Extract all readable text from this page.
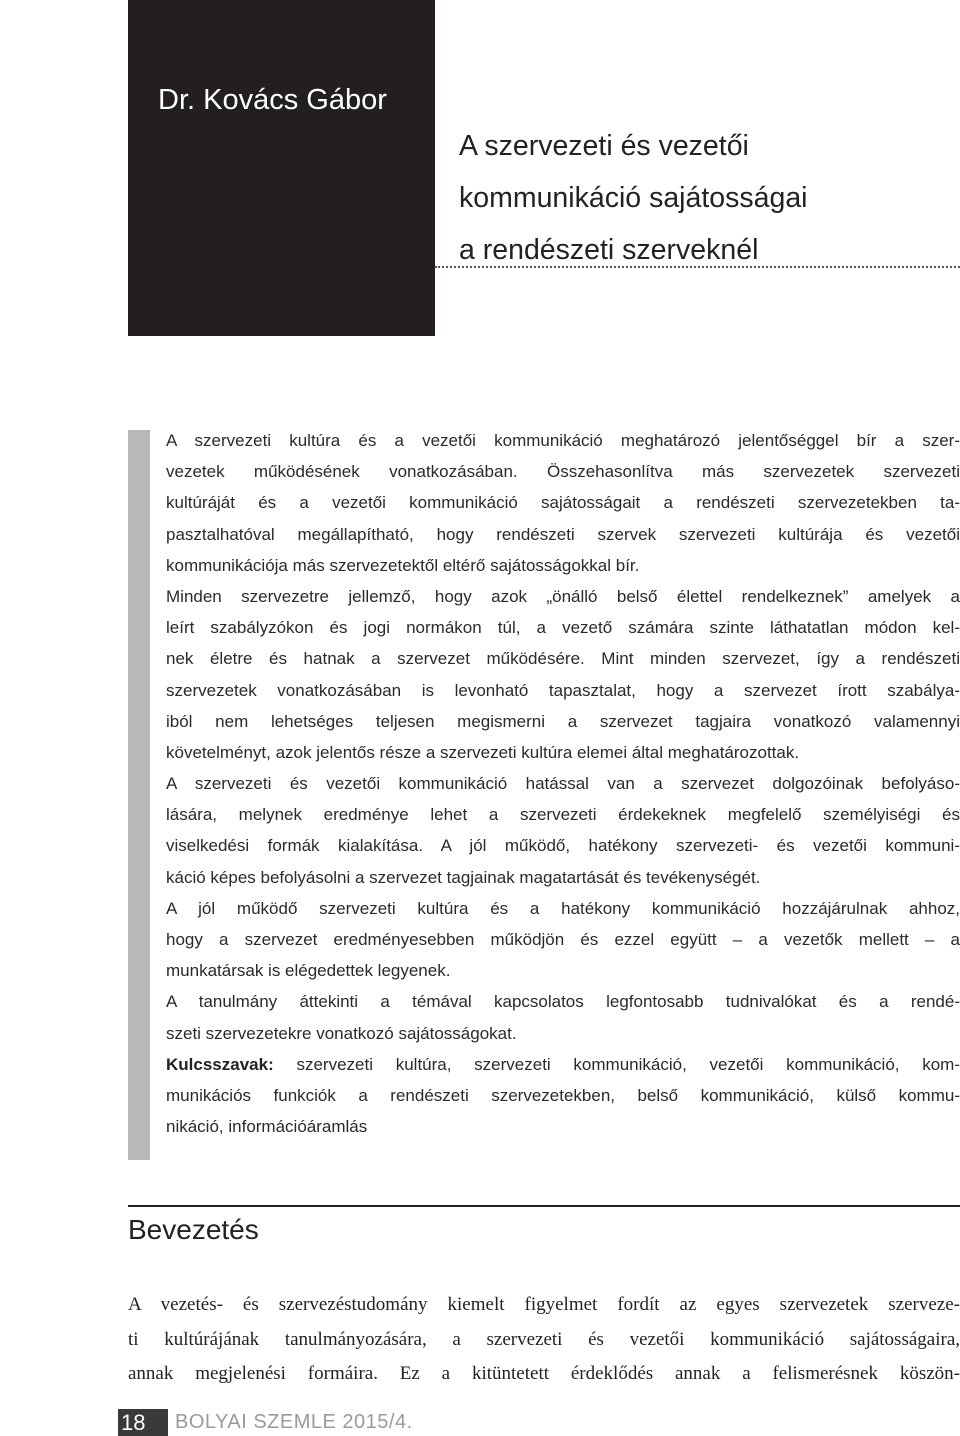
Dr. Kovács Gábor
A szervezeti és vezetői
kommunikáció sajátosságai
a rendészeti szerveknél
A szervezeti kultúra és a vezetői kommunikáció meghatározó jelentőséggel bír a szer-
vezetek működésének vonatkozásában. Összehasonlítva más szervezetek szervezeti
kultúráját és a vezetői kommunikáció sajátosságait a rendészeti szervezetekben ta-
pasztalhatóval megállapítható, hogy rendészeti szervek szervezeti kultúrája és vezetői
kommunikációja más szervezetektől eltérő sajátosságokkal bír.
Minden szervezetre jellemző, hogy azok „önálló belső élettel rendelkeznek” amelyek a
leírt szabályzókon és jogi normákon túl, a vezető számára szinte láthatatlan módon kel-
nek életre és hatnak a szervezet működésére. Mint minden szervezet, így a rendészeti
szervezetek vonatkozásában is levonható tapasztalat, hogy a szervezet írott szabálya-
iból nem lehetséges teljesen megismerni a szervezet tagjaira vonatkozó valamennyi
követelményt, azok jelentős része a szervezeti kultúra elemei által meghatározottak.
A szervezeti és vezetői kommunikáció hatással van a szervezet dolgozóinak befolyáso-
lására, melynek eredménye lehet a szervezeti érdekeknek megfelelő személyiségi és
viselkedési formák kialakítása. A jól működő, hatékony szervezeti- és vezetői kommuni-
káció képes befolyásolni a szervezet tagjainak magatartását és tevékenységét.
A jól működő szervezeti kultúra és a hatékony kommunikáció hozzájárulnak ahhoz,
hogy a szervezet eredményesebben működjön és ezzel együtt – a vezetők mellett – a
munkatársak is elégedettek legyenek.
A tanulmány áttekinti a témával kapcsolatos legfontosabb tudnivalókat és a rendé-
szeti szervezetekre vonatkozó sajátosságokat.
Kulcsszavak: szervezeti kultúra, szervezeti kommunikáció, vezetői kommunikáció, kom-
munikációs funkciók a rendészeti szervezetekben, belső kommunikáció, külső kommu-
nikáció, információáramlás
Bevezetés
A vezetés- és szervezéstudomány kiemelt figyelmet fordít az egyes szervezetek szerveze-
ti kultúrájának tanulmányozására, a szervezeti és vezetői kommunikáció sajátosságaira,
annak megjelenési formáira. Ez a kitüntetett érdeklődés annak a felismerésnek köszön-
18 BOLYAI SZEMLE 2015/4.
